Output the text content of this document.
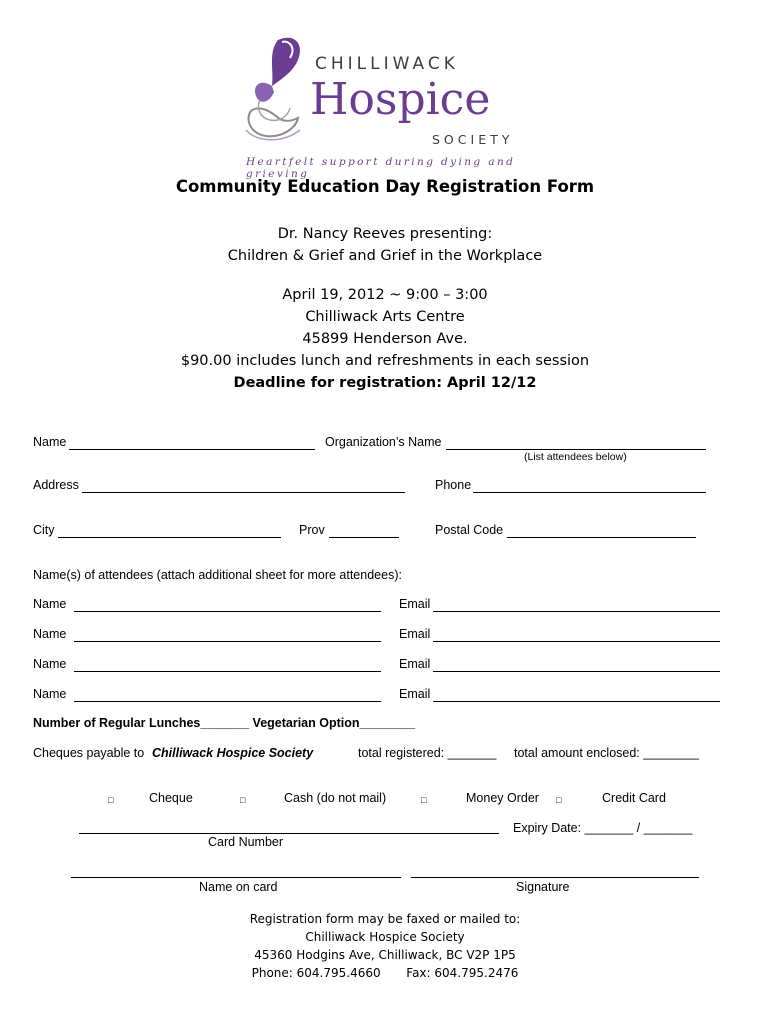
CHILLIWACK
Hospice
SOCIETY
Heartfelt support during dying and grieving
Community Education Day Registration Form
Dr. Nancy Reeves presenting:
Children & Grief and Grief in the Workplace
April 19, 2012 ~ 9:00 – 3:00
Chilliwack Arts Centre
45899 Henderson Ave.
$90.00 includes lunch and refreshments in each session
Deadline for registration: April 12/12
Name	Organization’s Name
(List attendees below)
Address	Phone
City	Prov	Postal Code
Name(s) of attendees (attach additional sheet for more attendees):
Name	Email
Name	Email
Name	Email
Name	Email
Number of Regular Lunches_______ Vegetarian Option________
Cheques payable to Chilliwack Hospice Society	total registered: _______ total amount enclosed: ________
□	Cheque	□	Cash (do not mail)	□	Money Order □	Credit Card
Expiry Date: _______ / _______
Card Number
Name on card	Signature
Registration form may be faxed or mailed to:
Chilliwack Hospice Society
45360 Hodgins Ave, Chilliwack, BC V2P 1P5
Phone: 604.795.4660 Fax: 604.795.2476
